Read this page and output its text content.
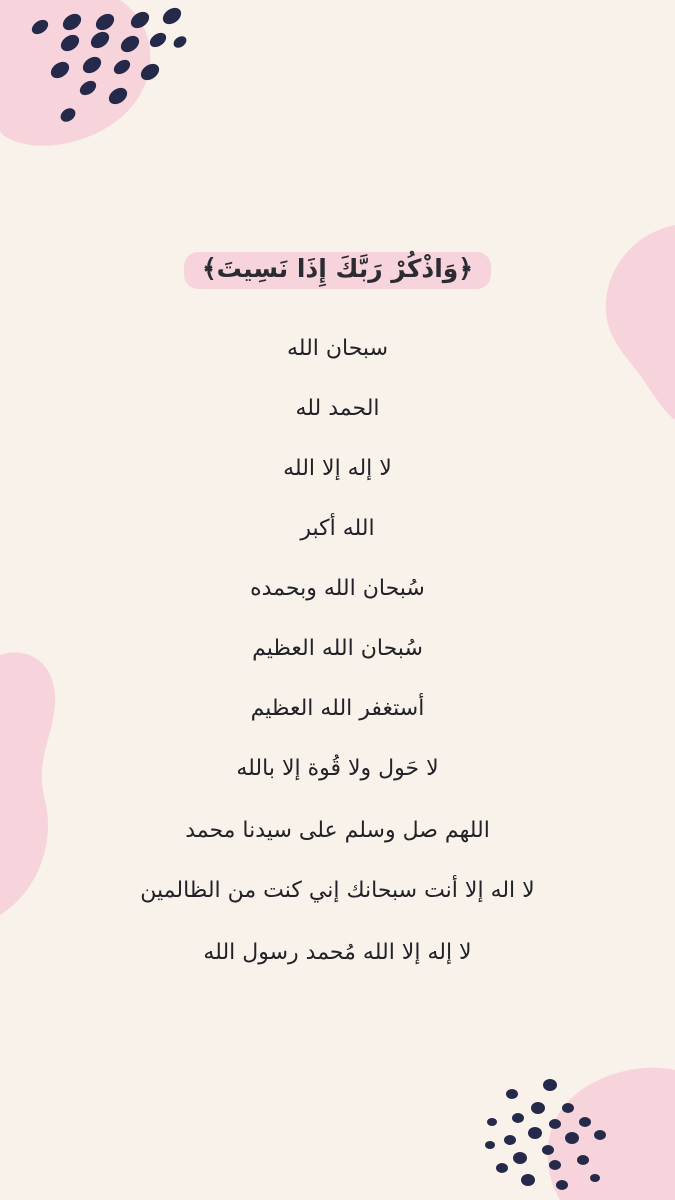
﴿وَاذْكُرْ رَبَّكَ إِذَا نَسِيتَ﴾
سبحان الله
الحمد لله
لا إله إلا الله
الله أكبر
سُبحان الله وبحمده
سُبحان الله العظيم
أستغفر الله العظيم
لا حَول ولا قُوة إلا بالله
اللهم صل وسلم على سيدنا محمد
لا اله إلا أنت سبحانك إني كنت من الظالمين
لا إله إلا الله مُحمد رسول الله
